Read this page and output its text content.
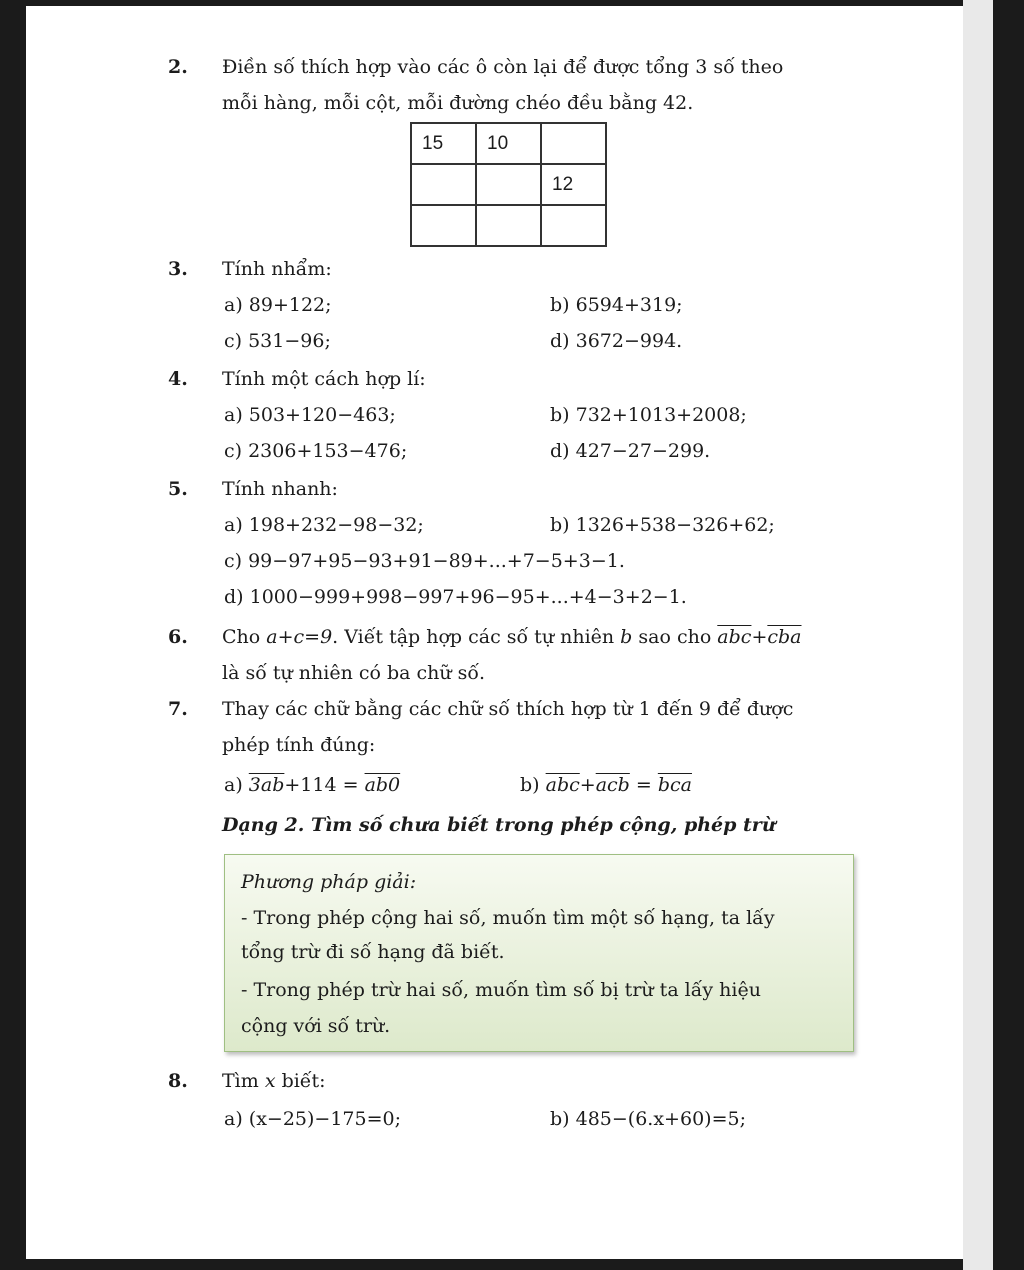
2. Điền số thích hợp vào các ô còn lại để được tổng 3 số theo
mỗi hàng, mỗi cột, mỗi đường chéo đều bằng 42.
15	10	
		12

3. Tính nhẩm:
a) 89+122;	b) 6594+319;
c) 531−96;	d) 3672−994.
4. Tính một cách hợp lí:
a) 503+120−463;	b) 732+1013+2008;
c) 2306+153−476;	d) 427−27−299.
5. Tính nhanh:
a) 198+232−98−32;	b) 1326+538−326+62;
c) 99−97+95−93+91−89+...+7−5+3−1.
d) 1000−999+998−997+96−95+...+4−3+2−1.
6. Cho a+c=9. Viết tập hợp các số tự nhiên b sao cho $\overline{abc}+\overline{cba}$
là số tự nhiên có ba chữ số.
7. Thay các chữ bằng các chữ số thích hợp từ 1 đến 9 để được
phép tính đúng:
a) 3ab+114 = ab0	b) $\overline{abc}+\overline{acb} = \overline{bca}$
Dạng 2. Tìm số chưa biết trong phép cộng, phép trừ
Phương pháp giải:
- Trong phép cộng hai số, muốn tìm một số hạng, ta lấy
tổng trừ đi số hạng đã biết.
- Trong phép trừ hai số, muốn tìm số bị trừ ta lấy hiệu
cộng với số trừ.
8. Tìm x biết:
a) (x−25)−175=0;	b) 485−(6.x+60)=5;
